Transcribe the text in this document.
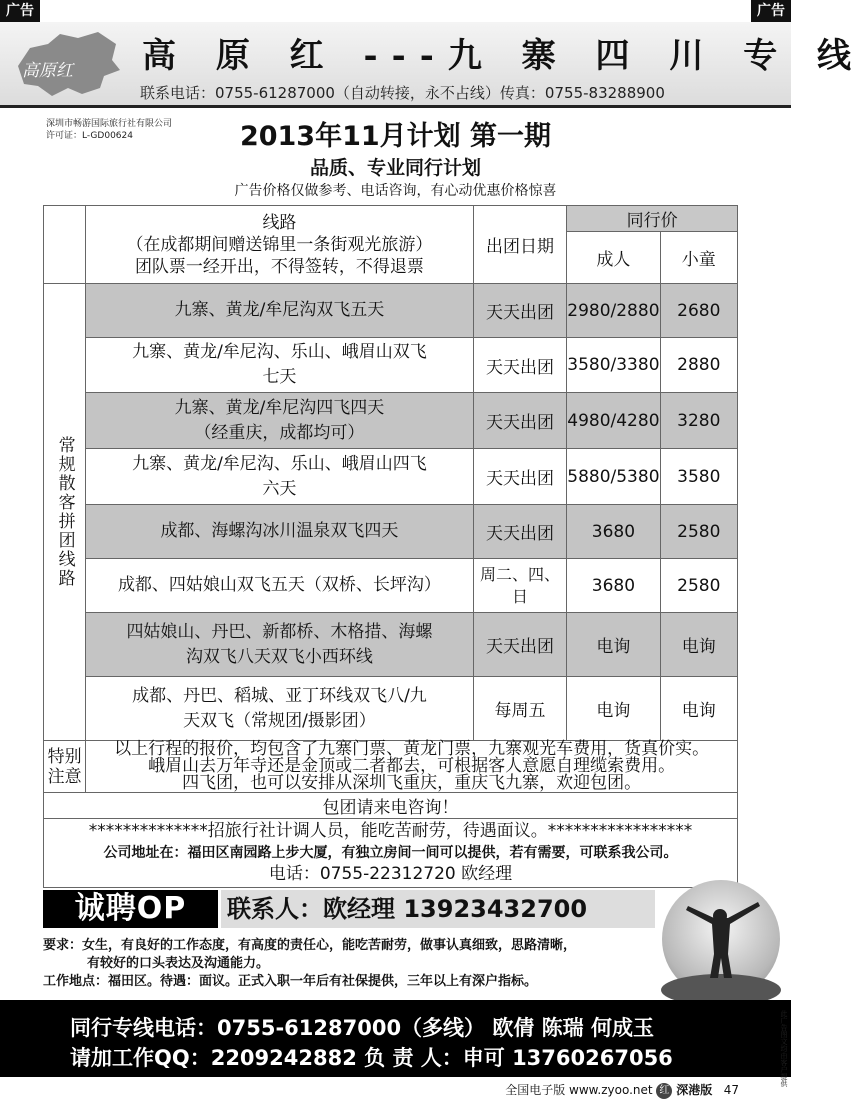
广告	广告
高原红 高 原 红 ---九 寨 四 川 专 线
联系电话：0755-61287000（自动转接，永不占线）传真：0755-83288900
深圳市畅游国际旅行社有限公司
许可证：L-GD00624	2013年11月计划 第一期
品质、专业同行计划
广告价格仅做参考、电话咨询，有心动优惠价格惊喜

	线路
（在成都期间赠送锦里一条街观光旅游）
团队票一经开出，不得签转，不得退票	出团日期	同行价	
			成人	小童
常规散客拼团线路	九寨、黄龙/牟尼沟双飞五天	天天出团	2980/2880	2680

	九寨、黄龙/牟尼沟、乐山、峨眉山双飞
七天	天天出团	3580/3380	2880

	九寨、黄龙/牟尼沟四飞四天
（经重庆，成都均可）	天天出团	4980/4280	3280

	九寨、黄龙/牟尼沟、乐山、峨眉山四飞
六天	天天出团	5880/5380	3580

	成都、海螺沟冰川温泉双飞四天	天天出团	3680	2580

	成都、四姑娘山双飞五天（双桥、长坪沟）	周二、四、日	3680	2580

	四姑娘山、丹巴、新都桥、木格措、海螺
沟双飞八天双飞小西环线	天天出团	电询	电询

	成都、丹巴、稻城、亚丁环线双飞八/九
天双飞（常规团/摄影团）	每周五	电询	电询
特别注意	以上行程的报价，均包含了九寨门票、黄龙门票，九寨观光车费用，货真价实。
峨眉山去万年寺还是金顶或二者都去，可根据客人意愿自理缆索费用。
四飞团，也可以安排从深圳飞重庆，重庆飞九寨，欢迎包团。			

包团请来电咨询！				

**************招旅行社计调人员，能吃苦耐劳，待遇面议。*****************
公司地址在：福田区南园路上步大厦，有独立房间一间可以提供，若有需要，可联系我公司。
电话：0755-22312720 欧经理				
诚聘OP	联系人：欧经理 13923432700
要求：女生，有良好的工作态度，有高度的责任心，能吃苦耐劳，做事认真细致，思路清晰，
有较好的口头表达及沟通能力。
工作地点：福田区。待遇：面议。正式入职一年后有社保提供，三年以上有深户指标。
同行专线电话：0755-61287000（多线） 欧倩 陈瑞 何成玉
请加工作QQ：2209242882 负 责 人：申可 13760267056	此广告图文均由客户提供
全国电子版 www.zyoo.net 红 深港版 47
